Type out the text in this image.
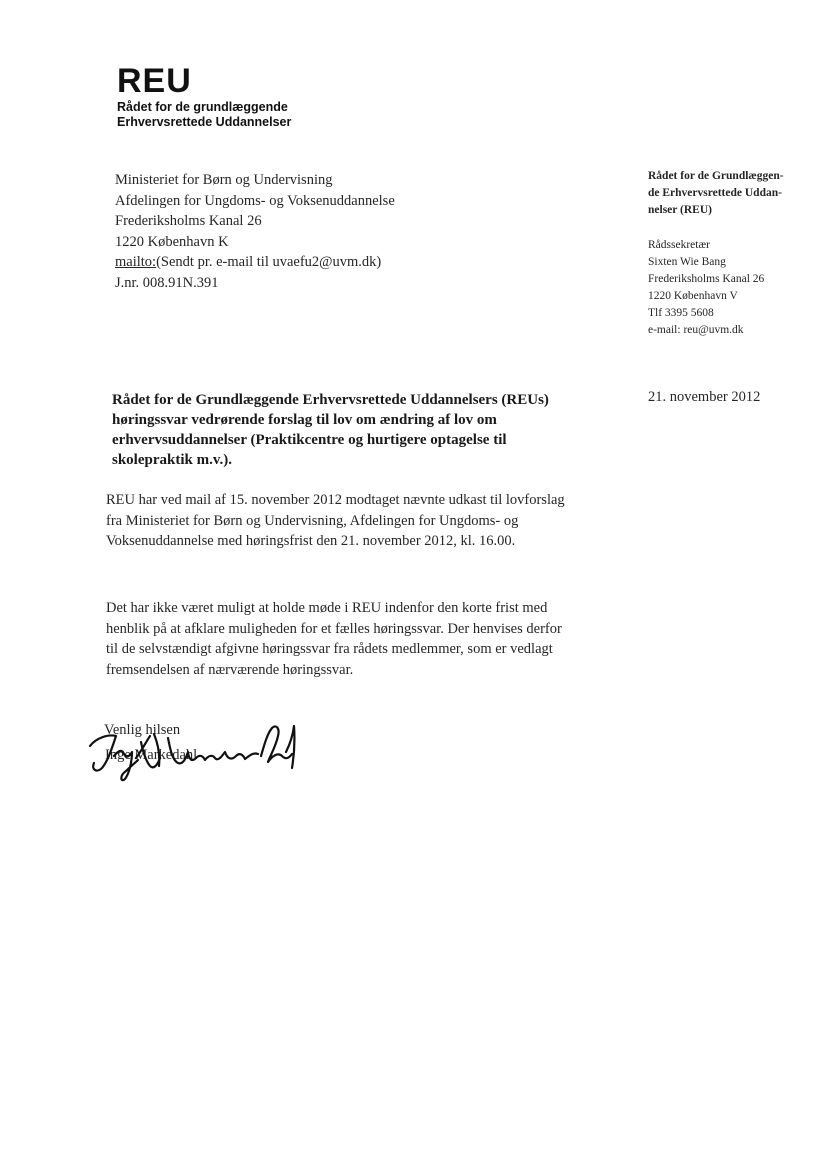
REU
Rådet for de grundlæggende
Erhvervsrettede Uddannelser
Ministeriet for Børn og Undervisning
Afdelingen for Ungdoms- og Voksenuddannelse
Frederiksholms Kanal 26
1220 København K
mailto:(Sendt pr. e-mail til uvaefu2@uvm.dk)
J.nr. 008.91N.391
Rådet for de Grundlæggen-
de Erhvervsrettede Uddan-
nelser (REU)
Rådssekretær
Sixten Wie Bang
Frederiksholms Kanal 26
1220 København V
Tlf 3395 5608
e-mail: reu@uvm.dk
21. november 2012
Rådet for de Grundlæggende Erhvervsrettede Uddannelsers (REUs) høringssvar vedrørende forslag til lov om ændring af lov om erhvervsuddannelser (Praktikcentre og hurtigere optagelse til skolepraktik m.v.).
REU har ved mail af 15. november 2012 modtaget nævnte udkast til lovforslag fra Ministeriet for Børn og Undervisning, Afdelingen for Ungdoms- og Voksenuddannelse med høringsfrist den 21. november 2012, kl. 16.00.
Det har ikke været muligt at holde møde i REU indenfor den korte frist med henblik på at afklare muligheden for et fælles høringssvar. Der henvises derfor til de selvstændigt afgivne høringssvar fra rådets medlemmer, som er vedlagt fremsendelsen af nærværende høringssvar.
Venlig hilsen
Inge Markedahl
